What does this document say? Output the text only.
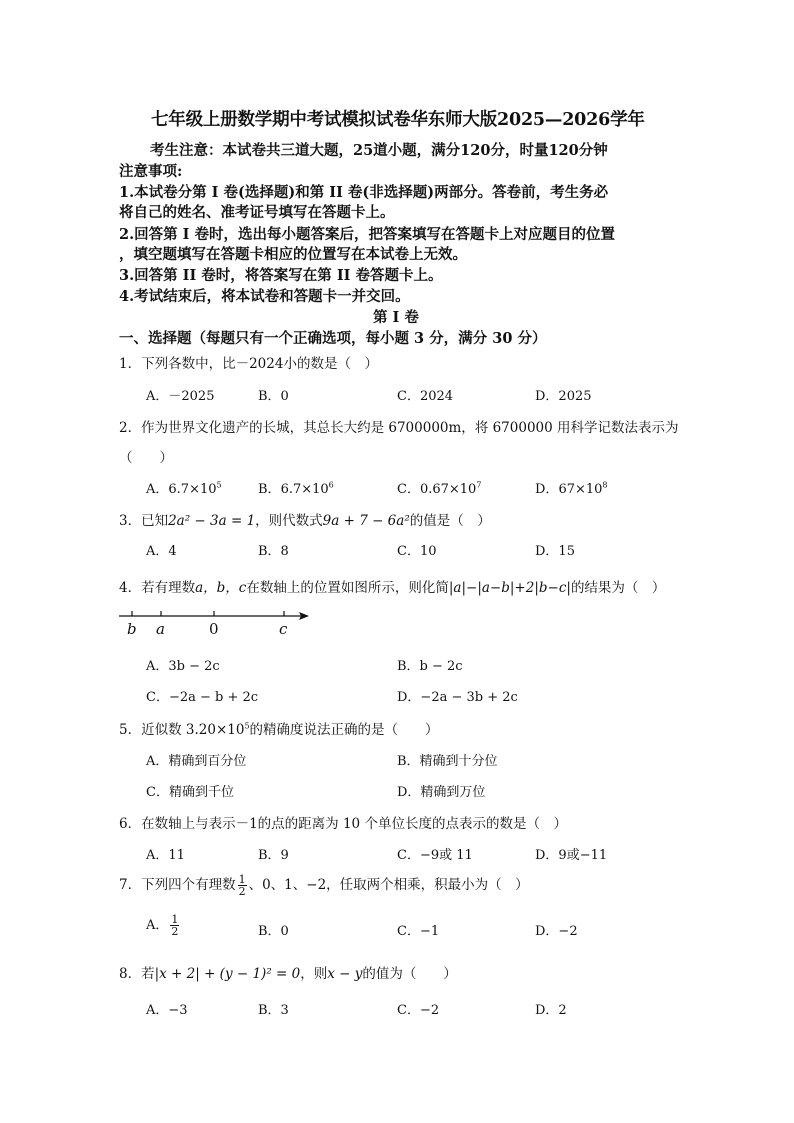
七年级上册数学期中考试模拟试卷华东师大版2025—2026学年
考生注意：本试卷共三道大题，25道小题，满分120分，时量120分钟
注意事项:
1.本试卷分第 I 卷(选择题)和第 II 卷(非选择题)两部分。答卷前，考生务必
将自己的姓名、准考证号填写在答题卡上。
2.回答第 I 卷时，选出每小题答案后，把答案填写在答题卡上对应题目的位置
，填空题填写在答题卡相应的位置写在本试卷上无效。
3.回答第 II 卷时，将答案写在第 II 卷答题卡上。
4.考试结束后，将本试卷和答题卡一并交回。
第 I 卷
一、选择题（每题只有一个正确选项，每小题 3 分，满分 30 分）
1．下列各数中，比－2024小的数是（　）
A．－2025	B．0	C．2024	D．2025
2．作为世界文化遗产的长城，其总长大约是 6700000m，将 6700000 用科学记数法表示为
（　　）
A．$6.7\times 10^5$	B．$6.7\times 10^6$	C．$0.67\times 10^7$	D．$67\times 10^8$
3．已知2a² − 3a = 1，则代数式9a + 7 − 6a²的值是（　）
A．4	B．8	C．10	D．15
4．若有理数a，b，c在数轴上的位置如图所示，则化简|a|−|a−b|+2|b−c|的结果为（　）
b a	0	c
A．3b − 2c	B．b − 2c
C．−2a − b + 2c	D．−2a − 3b + 2c
5．近似数 $3.20\times 10^5$的精确度说法正确的是（　　）
A．精确到百分位	B．精确到十分位
C．精确到千位	D．精确到万位
6．在数轴上与表示－1的点的距离为 10 个单位长度的点表示的数是（　）
A．11	B．9	C．−9或 11	D．9或−11
7．下列四个有理数 $\frac{1}{2}$ 、0、1、−2，任取两个相乘，积最小为（　）
A． $\frac{1}{2}$	B．0	C．−1	D．−2
8．若|x + 2| + (y − 1)² = 0，则x − y的值为（　　）
A．−3	B．3	C．−2	D．2
